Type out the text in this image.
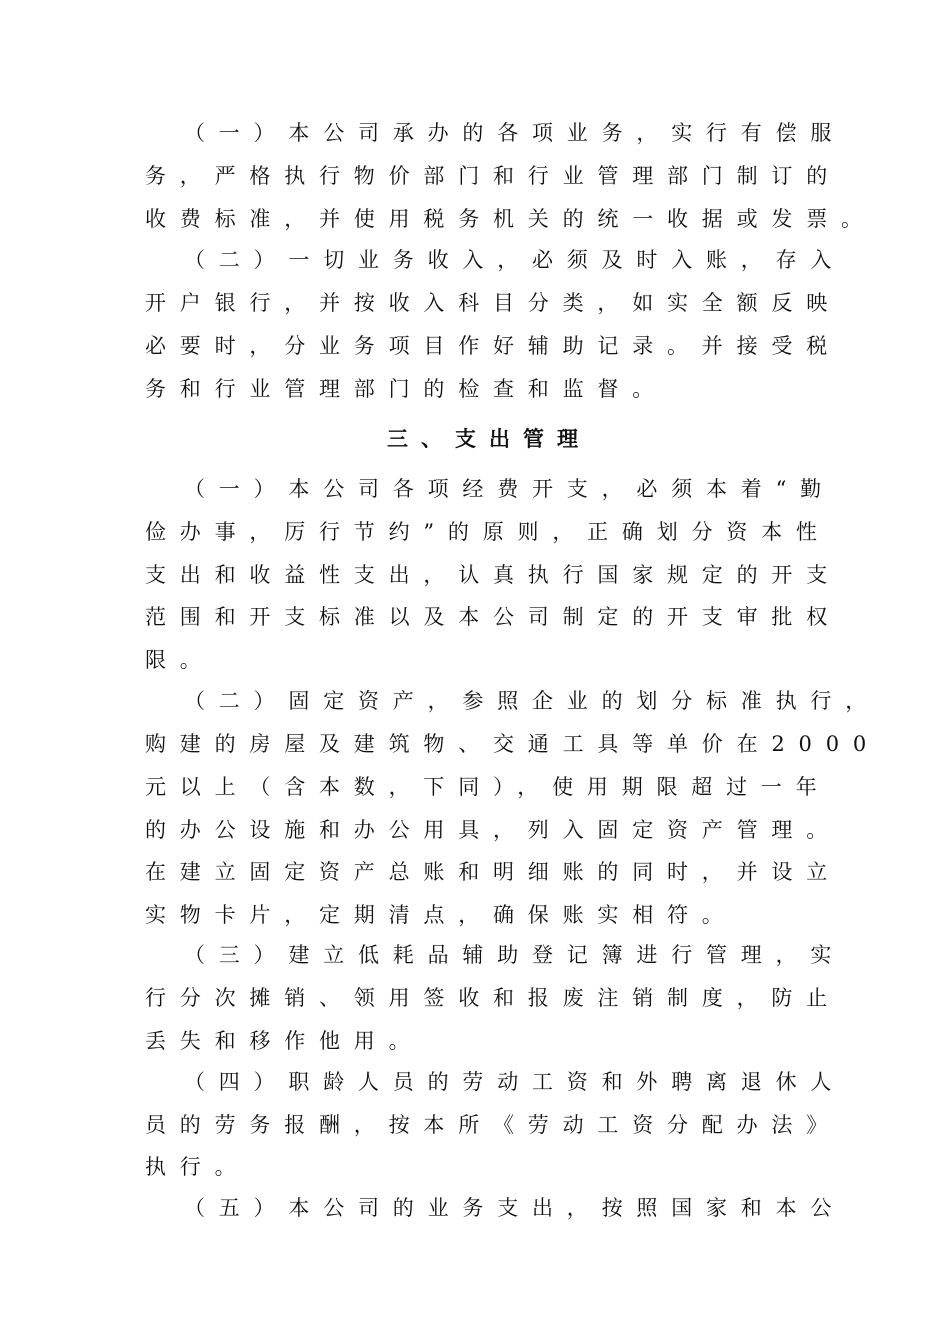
（一）本公司承办的各项业务，实行有偿服
务，严格执行物价部门和行业管理部门制订的
收费标准，并使用税务机关的统一收据或发票。
（二）一切业务收入，必须及时入账，存入
开户银行，并按收入科目分类，如实全额反映
必要时，分业务项目作好辅助记录。并接受税
务和行业管理部门的检查和监督。
三、支出管理
（一）本公司各项经费开支，必须本着“勤
俭办事，厉行节约”的原则，正确划分资本性
支出和收益性支出，认真执行国家规定的开支
范围和开支标准以及本公司制定的开支审批权
限。
（二）固定资产，参照企业的划分标准执行，
购建的房屋及建筑物、交通工具等单价在2000
元以上（含本数，下同），使用期限超过一年
的办公设施和办公用具，列入固定资产管理。
在建立固定资产总账和明细账的同时，并设立
实物卡片，定期清点，确保账实相符。
（三）建立低耗品辅助登记簿进行管理，实
行分次摊销、领用签收和报废注销制度，防止
丢失和移作他用。
（四）职龄人员的劳动工资和外聘离退休人
员的劳务报酬，按本所《劳动工资分配办法》
执行。
（五）本公司的业务支出，按照国家和本公
